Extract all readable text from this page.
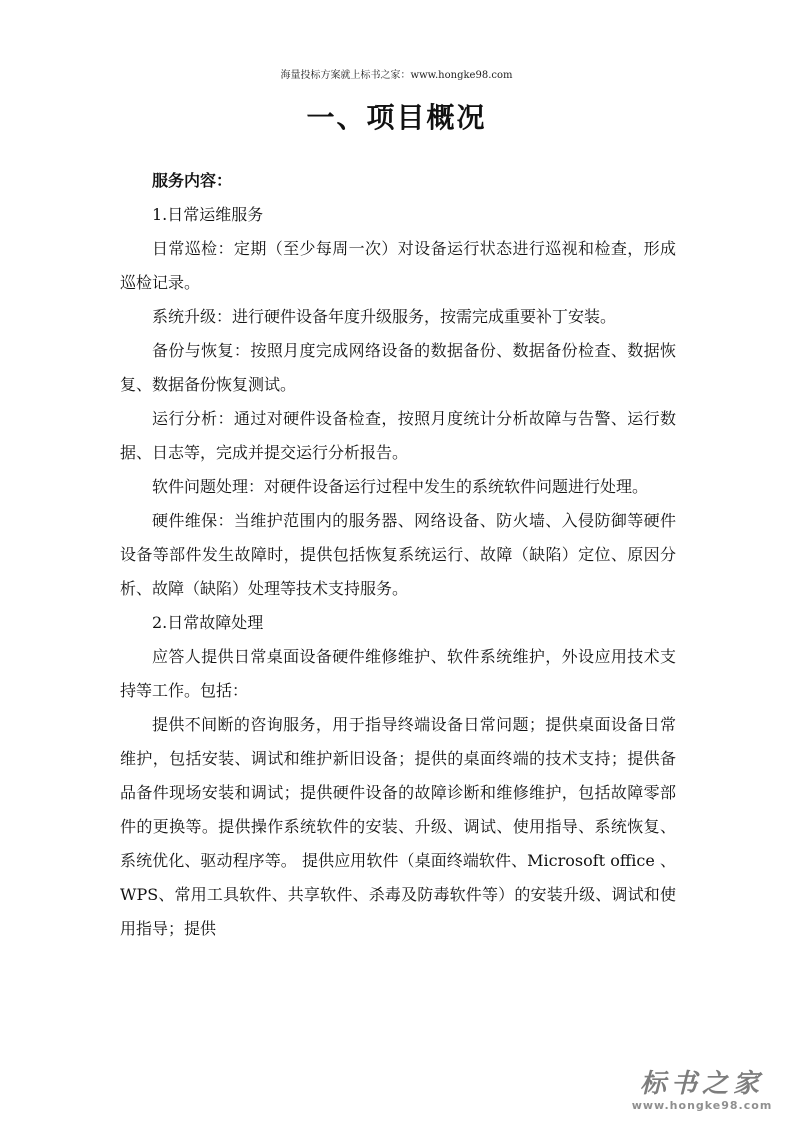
海量投标方案就上标书之家：www.hongke98.com
一、项目概况

服务内容：

1.日常运维服务

日常巡检：定期（至少每周一次）对设备运行状态进行巡视和检查，形成巡检记录。

系统升级：进行硬件设备年度升级服务，按需完成重要补丁安装。

备份与恢复：按照月度完成网络设备的数据备份、数据备份检查、数据恢复、数据备份恢复测试。

运行分析：通过对硬件设备检查，按照月度统计分析故障与告警、运行数据、日志等，完成并提交运行分析报告。

软件问题处理：对硬件设备运行过程中发生的系统软件问题进行处理。

硬件维保：当维护范围内的服务器、网络设备、防火墙、入侵防御等硬件设备等部件发生故障时，提供包括恢复系统运行、故障（缺陷）定位、原因分析、故障（缺陷）处理等技术支持服务。

2.日常故障处理

应答人提供日常桌面设备硬件维修维护、软件系统维护，外设应用技术支持等工作。包括：

提供不间断的咨询服务，用于指导终端设备日常问题；提供桌面设备日常维护，包括安装、调试和维护新旧设备；提供的桌面终端的技术支持；提供备品备件现场安装和调试；提供硬件设备的故障诊断和维修维护，包括故障零部件的更换等。提供操作系统软件的安装、升级、调试、使用指导、系统恢复、系统优化、驱动程序等。 提供应用软件（桌面终端软件、Microsoft office 、WPS、常用工具软件、共享软件、杀毒及防毒软件等）的安装升级、调试和使用指导；提供

标书之家
www.hongke98.com
